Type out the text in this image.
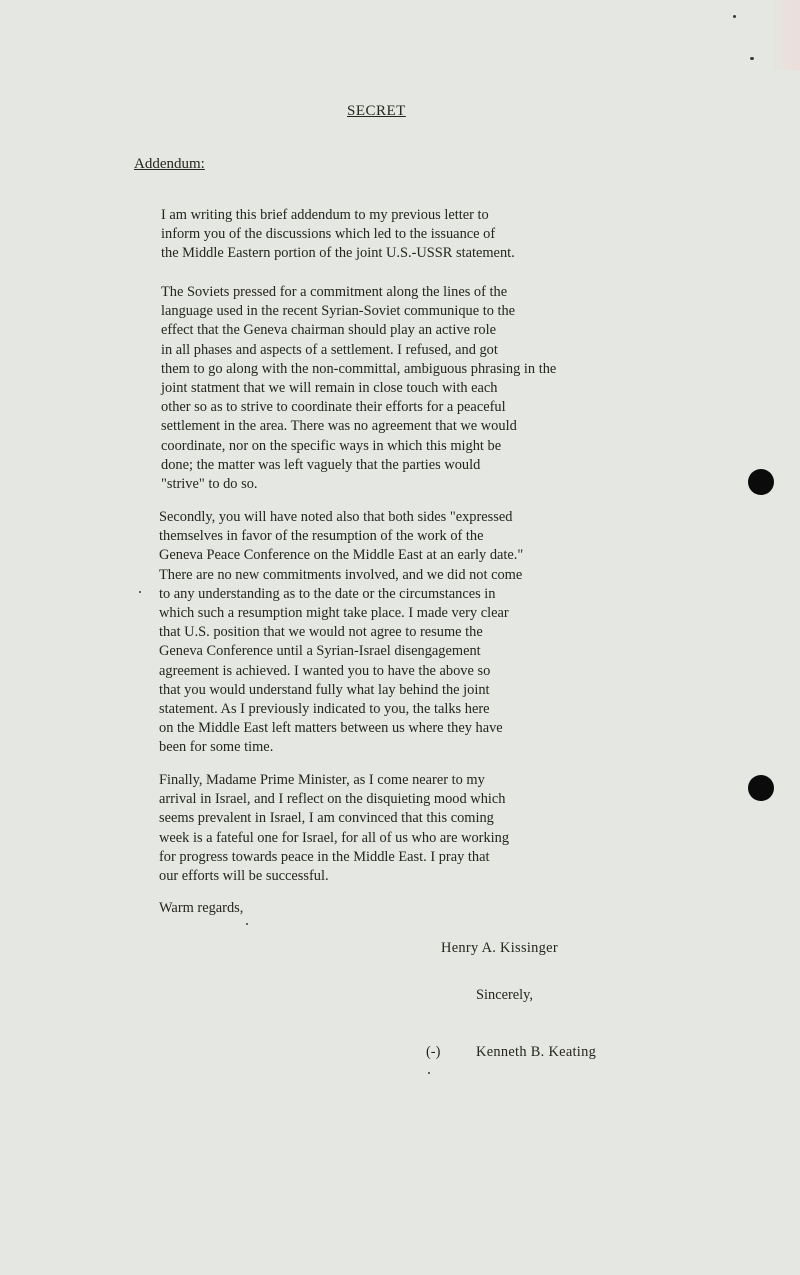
SECRET
Addendum:
I am writing this brief addendum to my previous letter to
inform you of the discussions which led to the issuance of
the Middle Eastern portion of the joint U.S.-USSR statement.
The Soviets pressed for a commitment along the lines of the
language used in the recent Syrian-Soviet communique to the
effect that the Geneva chairman should play an active role
in all phases and aspects of a settlement. I refused, and got
them to go along with the non-committal, ambiguous phrasing in the
joint statment that we will remain in close touch with each
other so as to strive to coordinate their efforts for a peaceful
settlement in the area. There was no agreement that we would
coordinate, nor on the specific ways in which this might be
done; the matter was left vaguely that the parties would
"strive" to do so.
Secondly, you will have noted also that both sides "expressed
themselves in favor of the resumption of the work of the
Geneva Peace Conference on the Middle East at an early date."
There are no new commitments involved, and we did not come
to any understanding as to the date or the circumstances in
which such a resumption might take place. I made very clear
that U.S. position that we would not agree to resume the
Geneva Conference until a Syrian-Israel disengagement
agreement is achieved. I wanted you to have the above so
that you would understand fully what lay behind the joint
statement. As I previously indicated to you, the talks here
on the Middle East left matters between us where they have
been for some time.
Finally, Madame Prime Minister, as I come nearer to my
arrival in Israel, and I reflect on the disquieting mood which
seems prevalent in Israel, I am convinced that this coming
week is a fateful one for Israel, for all of us who are working
for progress towards peace in the Middle East. I pray that
our efforts will be successful.
Warm regards,
Henry A. Kissinger
Sincerely,
(-) Kenneth B. Keating
